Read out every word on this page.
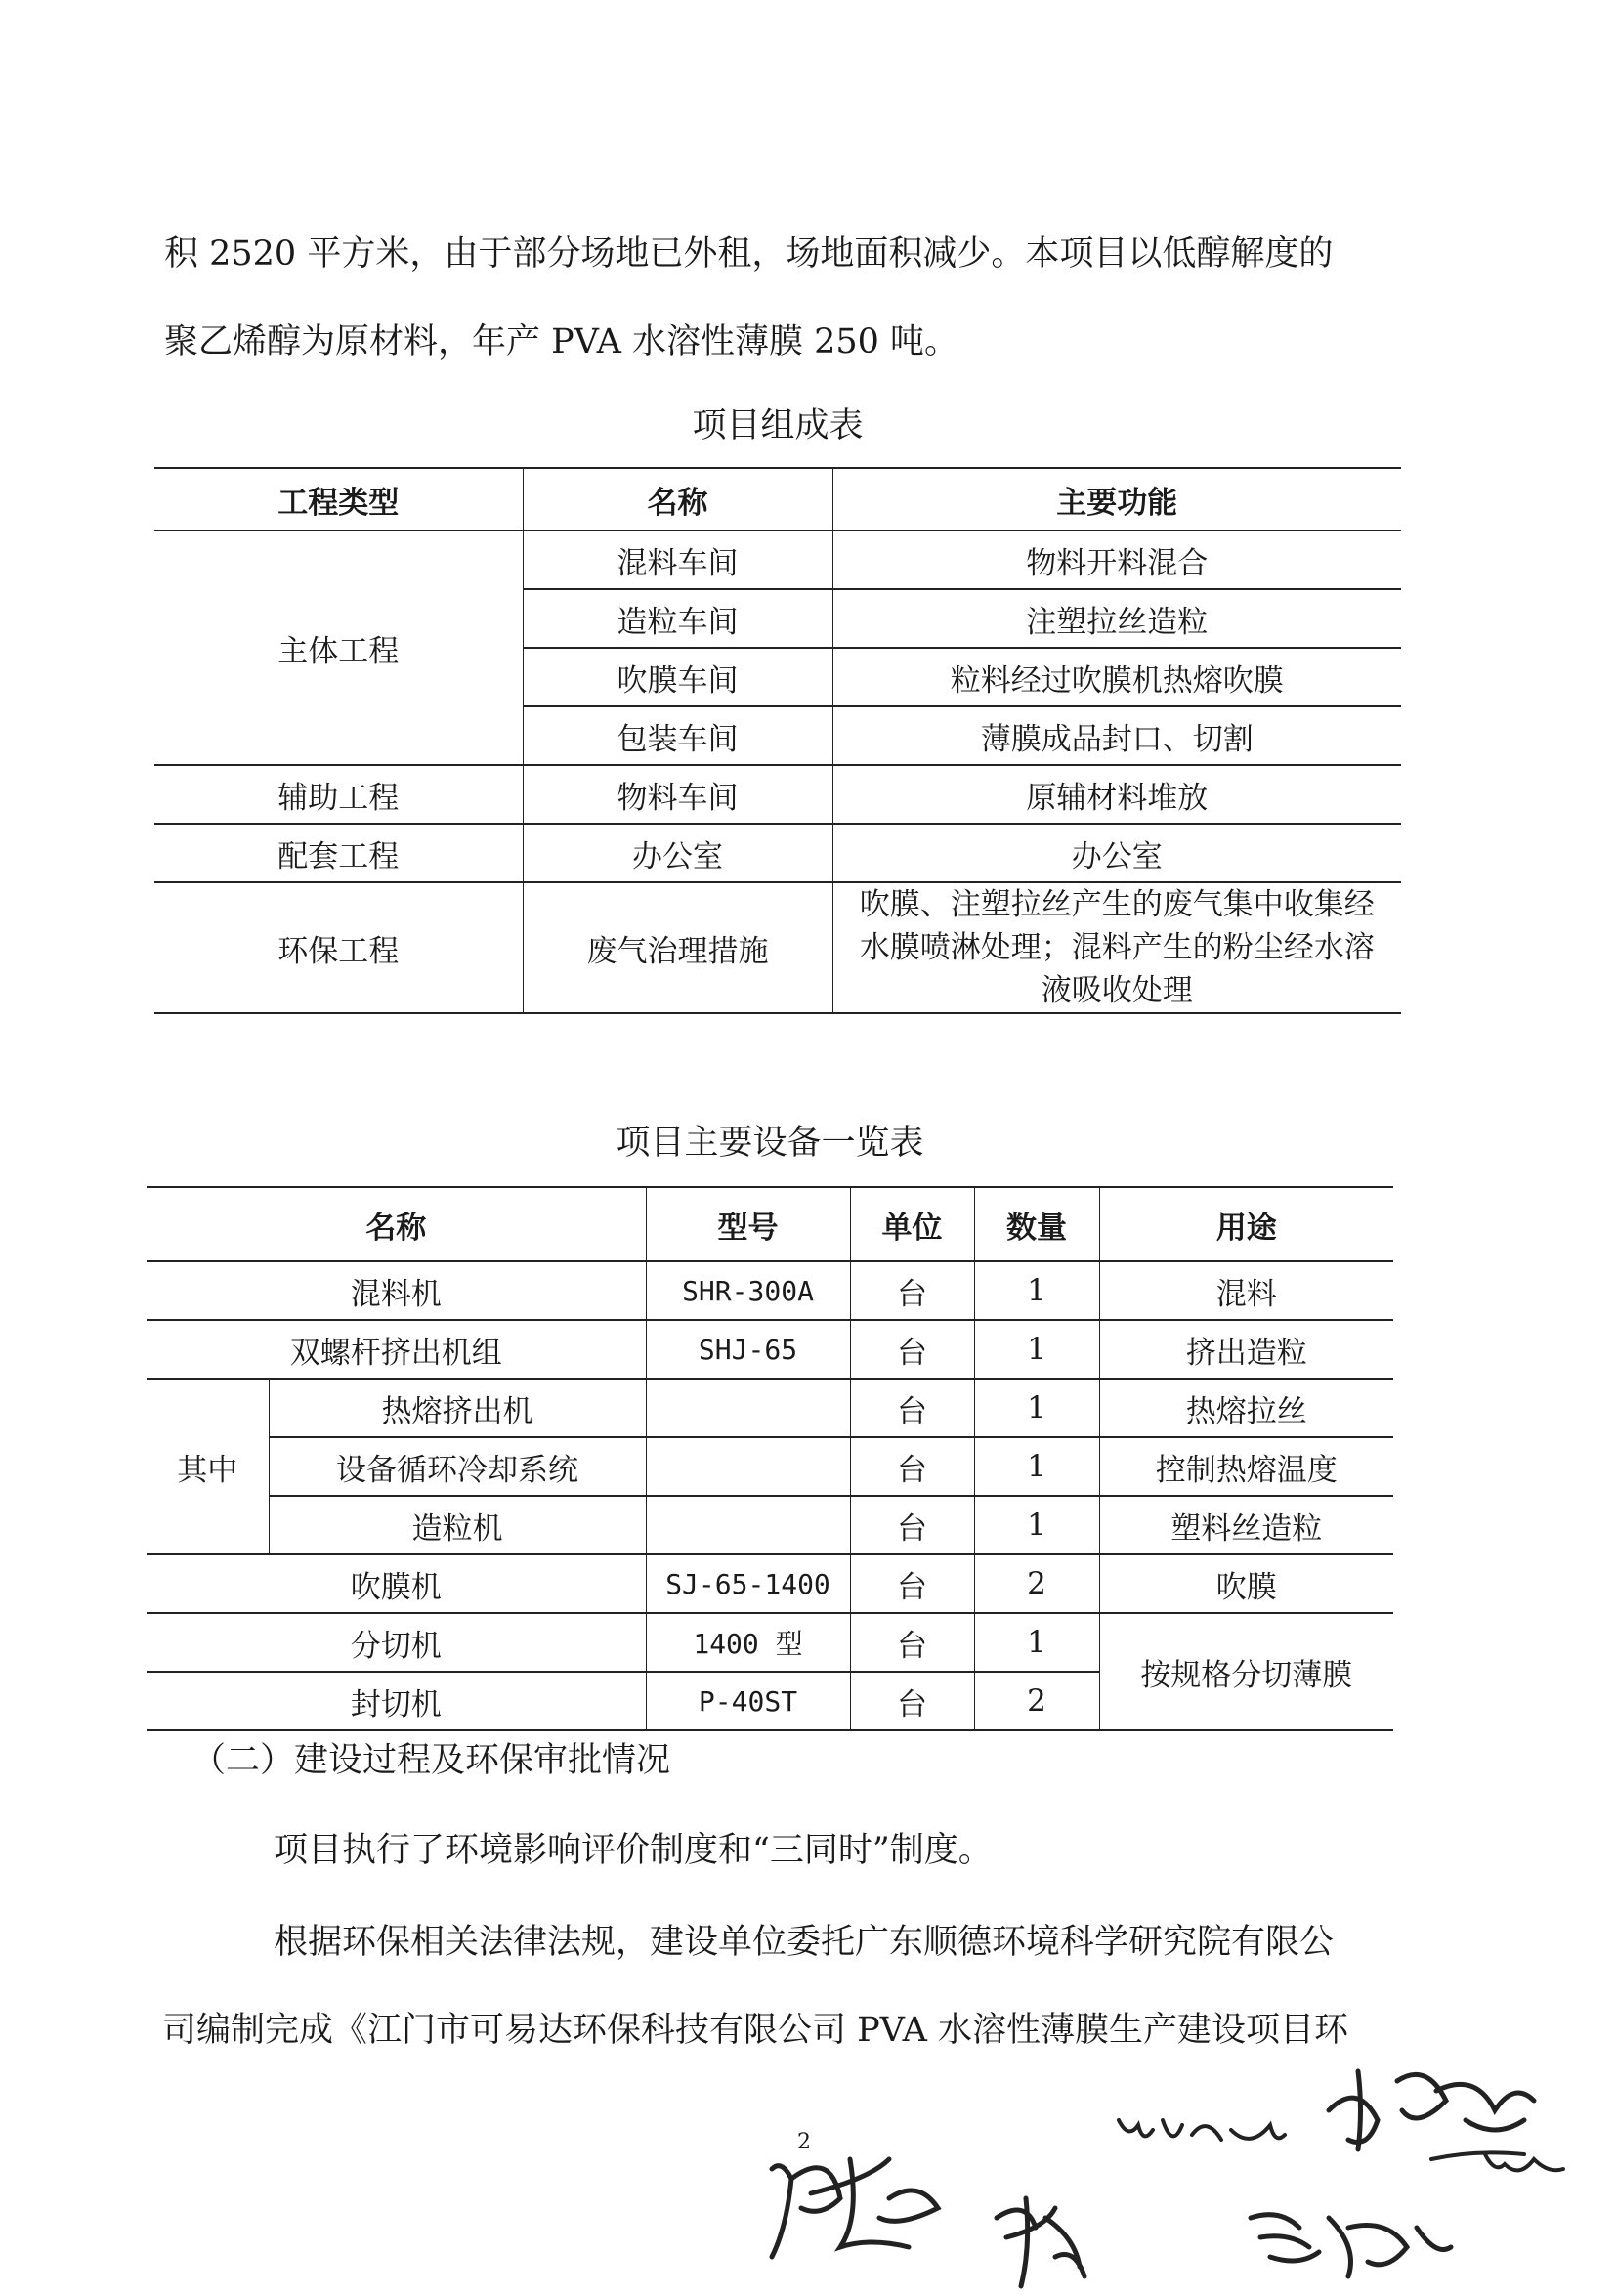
积 2520 平方米，由于部分场地已外租，场地面积减少。本项目以低醇解度的
聚乙烯醇为原材料，年产 PVA 水溶性薄膜 250 吨。
项目组成表
工程类型	名称	主要功能
主体工程	混料车间	物料开料混合
	造粒车间	注塑拉丝造粒
	吹膜车间	粒料经过吹膜机热熔吹膜
	包装车间	薄膜成品封口、切割
辅助工程	物料车间	原辅材料堆放
配套工程	办公室	办公室
环保工程	废气治理措施	吹膜、注塑拉丝产生的废气集中收集经
水膜喷淋处理；混料产生的粉尘经水溶
液吸收处理
项目主要设备一览表
名称		型号	单位	数量	用途
混料机		SHR-300A	台	1	混料
双螺杆挤出机组		SHJ-65	台	1	挤出造粒
其中	热熔挤出机		台	1	热熔拉丝
	设备循环冷却系统		台	1	控制热熔温度
	造粒机		台	1	塑料丝造粒
吹膜机		SJ-65-1400	台	2	吹膜
分切机		1400 型	台	1	按规格分切薄膜
封切机		P-40ST	台	2	
（二）建设过程及环保审批情况
项目执行了环境影响评价制度和“三同时”制度。
根据环保相关法律法规，建设单位委托广东顺德环境科学研究院有限公
司编制完成《江门市可易达环保科技有限公司 PVA 水溶性薄膜生产建设项目环
2
